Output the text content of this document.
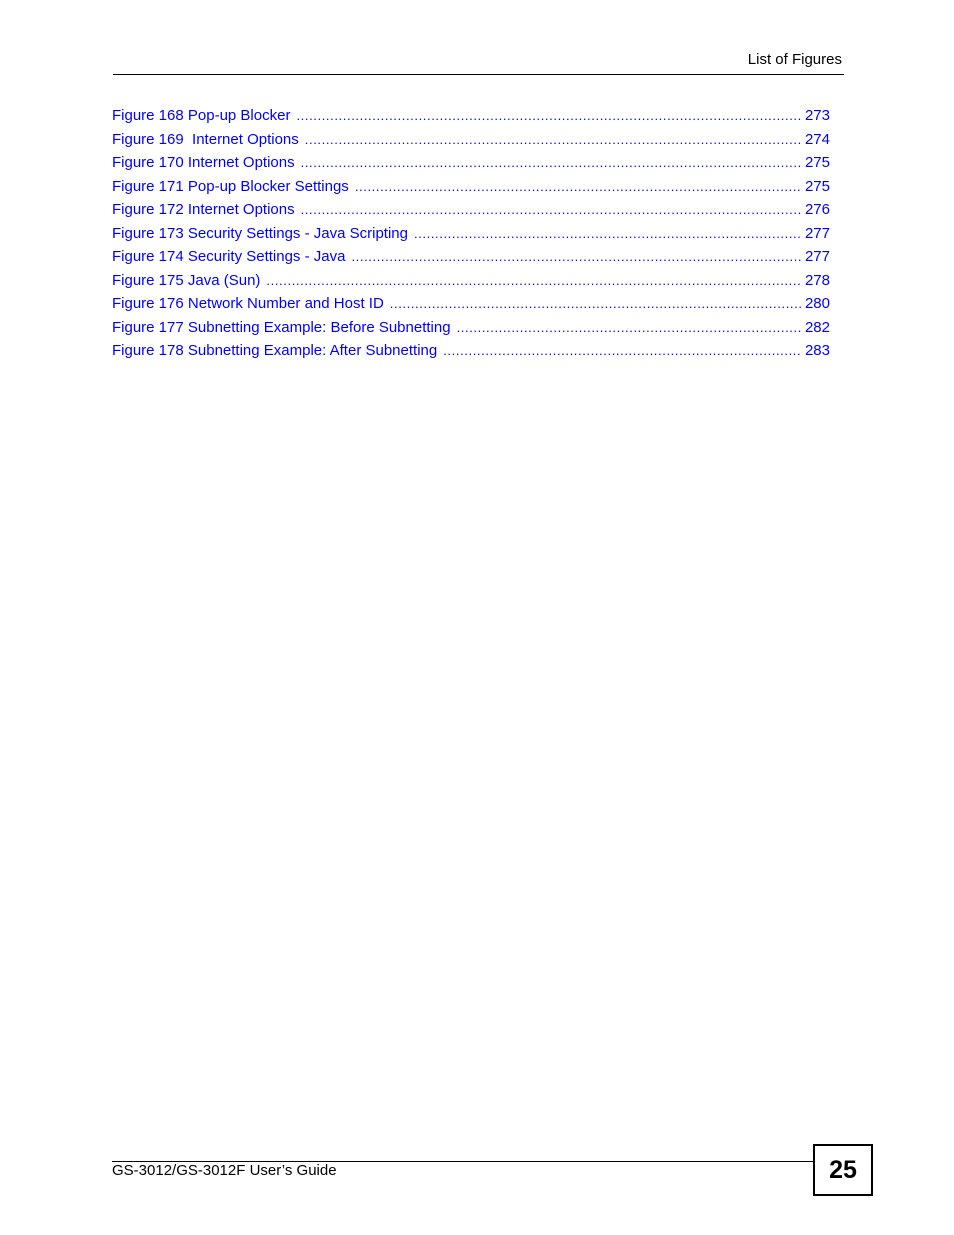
List of Figures
Figure 168 Pop-up Blocker .....	273
Figure 169  Internet Options .....	274
Figure 170 Internet Options .....	275
Figure 171 Pop-up Blocker Settings .....	275
Figure 172 Internet Options .....	276
Figure 173 Security Settings - Java Scripting .....	277
Figure 174 Security Settings - Java .....	277
Figure 175 Java (Sun) .....	278
Figure 176 Network Number and Host ID .....	280
Figure 177 Subnetting Example: Before Subnetting .....	282
Figure 178 Subnetting Example: After Subnetting .....	283
GS-3012/GS-3012F User’s Guide	25
